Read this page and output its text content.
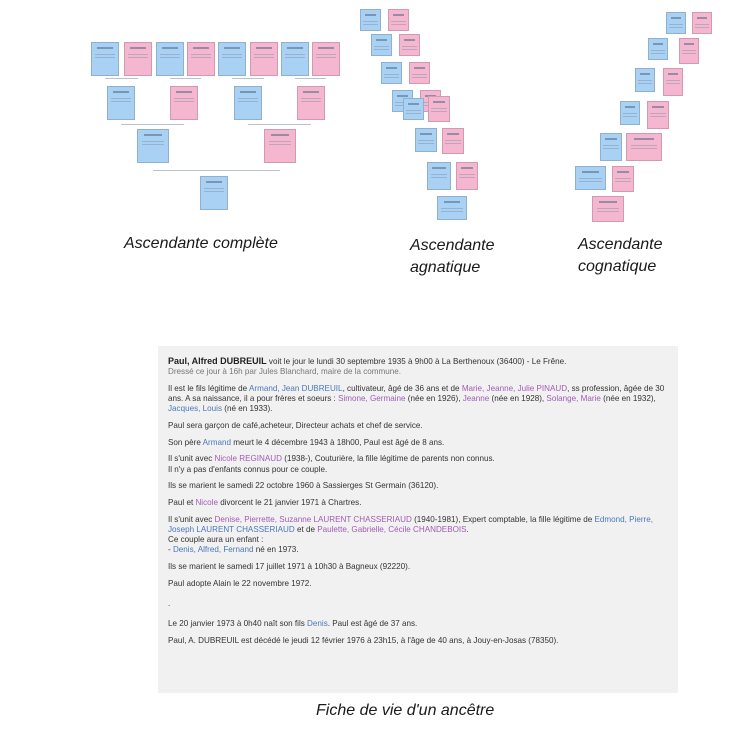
Ascendante complète	Ascendante agnatique
Ascendante cognatique

Paul, Alfred DUBREUIL voit le jour le lundi 30 septembre 1935 à 9h00 à La Berthenoux (36400) - Le Frêne.
Dressé ce jour à 16h par Jules Blanchard, maire de la commune.

Il est le fils légitime de Armand, Jean DUBREUIL, cultivateur, âgé de 36 ans et de Marie, Jeanne, Julie PINAUD, ss profession, âgée de 30 ans. A sa naissance, il a pour frères et soeurs : Simone, Germaine (née en 1926), Jeanne (née en 1928), Solange, Marie (née en 1932), Jacques, Louis (né en 1933).

Paul sera garçon de café,acheteur, Directeur achats et chef de service.

Son père Armand meurt le 4 décembre 1943 à 18h00, Paul est âgé de 8 ans.

Il s'unit avec Nicole REGINAUD (1938-), Couturière, la fille légitime de parents non connus.
Il n'y a pas d'enfants connus pour ce couple.

Ils se marient le samedi 22 octobre 1960 à Sassierges St Germain (36120).

Paul et Nicole divorcent le 21 janvier 1971 à Chartres.

Il s'unit avec Denise, Pierrette, Suzanne LAURENT CHASSERIAUD (1940-1981), Expert comptable, la fille légitime de Edmond, Pierre, Joseph LAURENT CHASSERIAUD et de Paulette, Gabrielle, Cécile CHANDEBOIS.
Ce couple aura un enfant :
- Denis, Alfred, Fernand né en 1973.

Ils se marient le samedi 17 juillet 1971 à 10h30 à Bagneux (92220).

Paul adopte Alain le 22 novembre 1972.

.

Le 20 janvier 1973 à 0h40 naît son fils Denis. Paul est âgé de 37 ans.

Paul, A. DUBREUIL est décédé le jeudi 12 février 1976 à 23h15, à l'âge de 40 ans, à Jouy-en-Josas (78350).

Fiche de vie d'un ancêtre
